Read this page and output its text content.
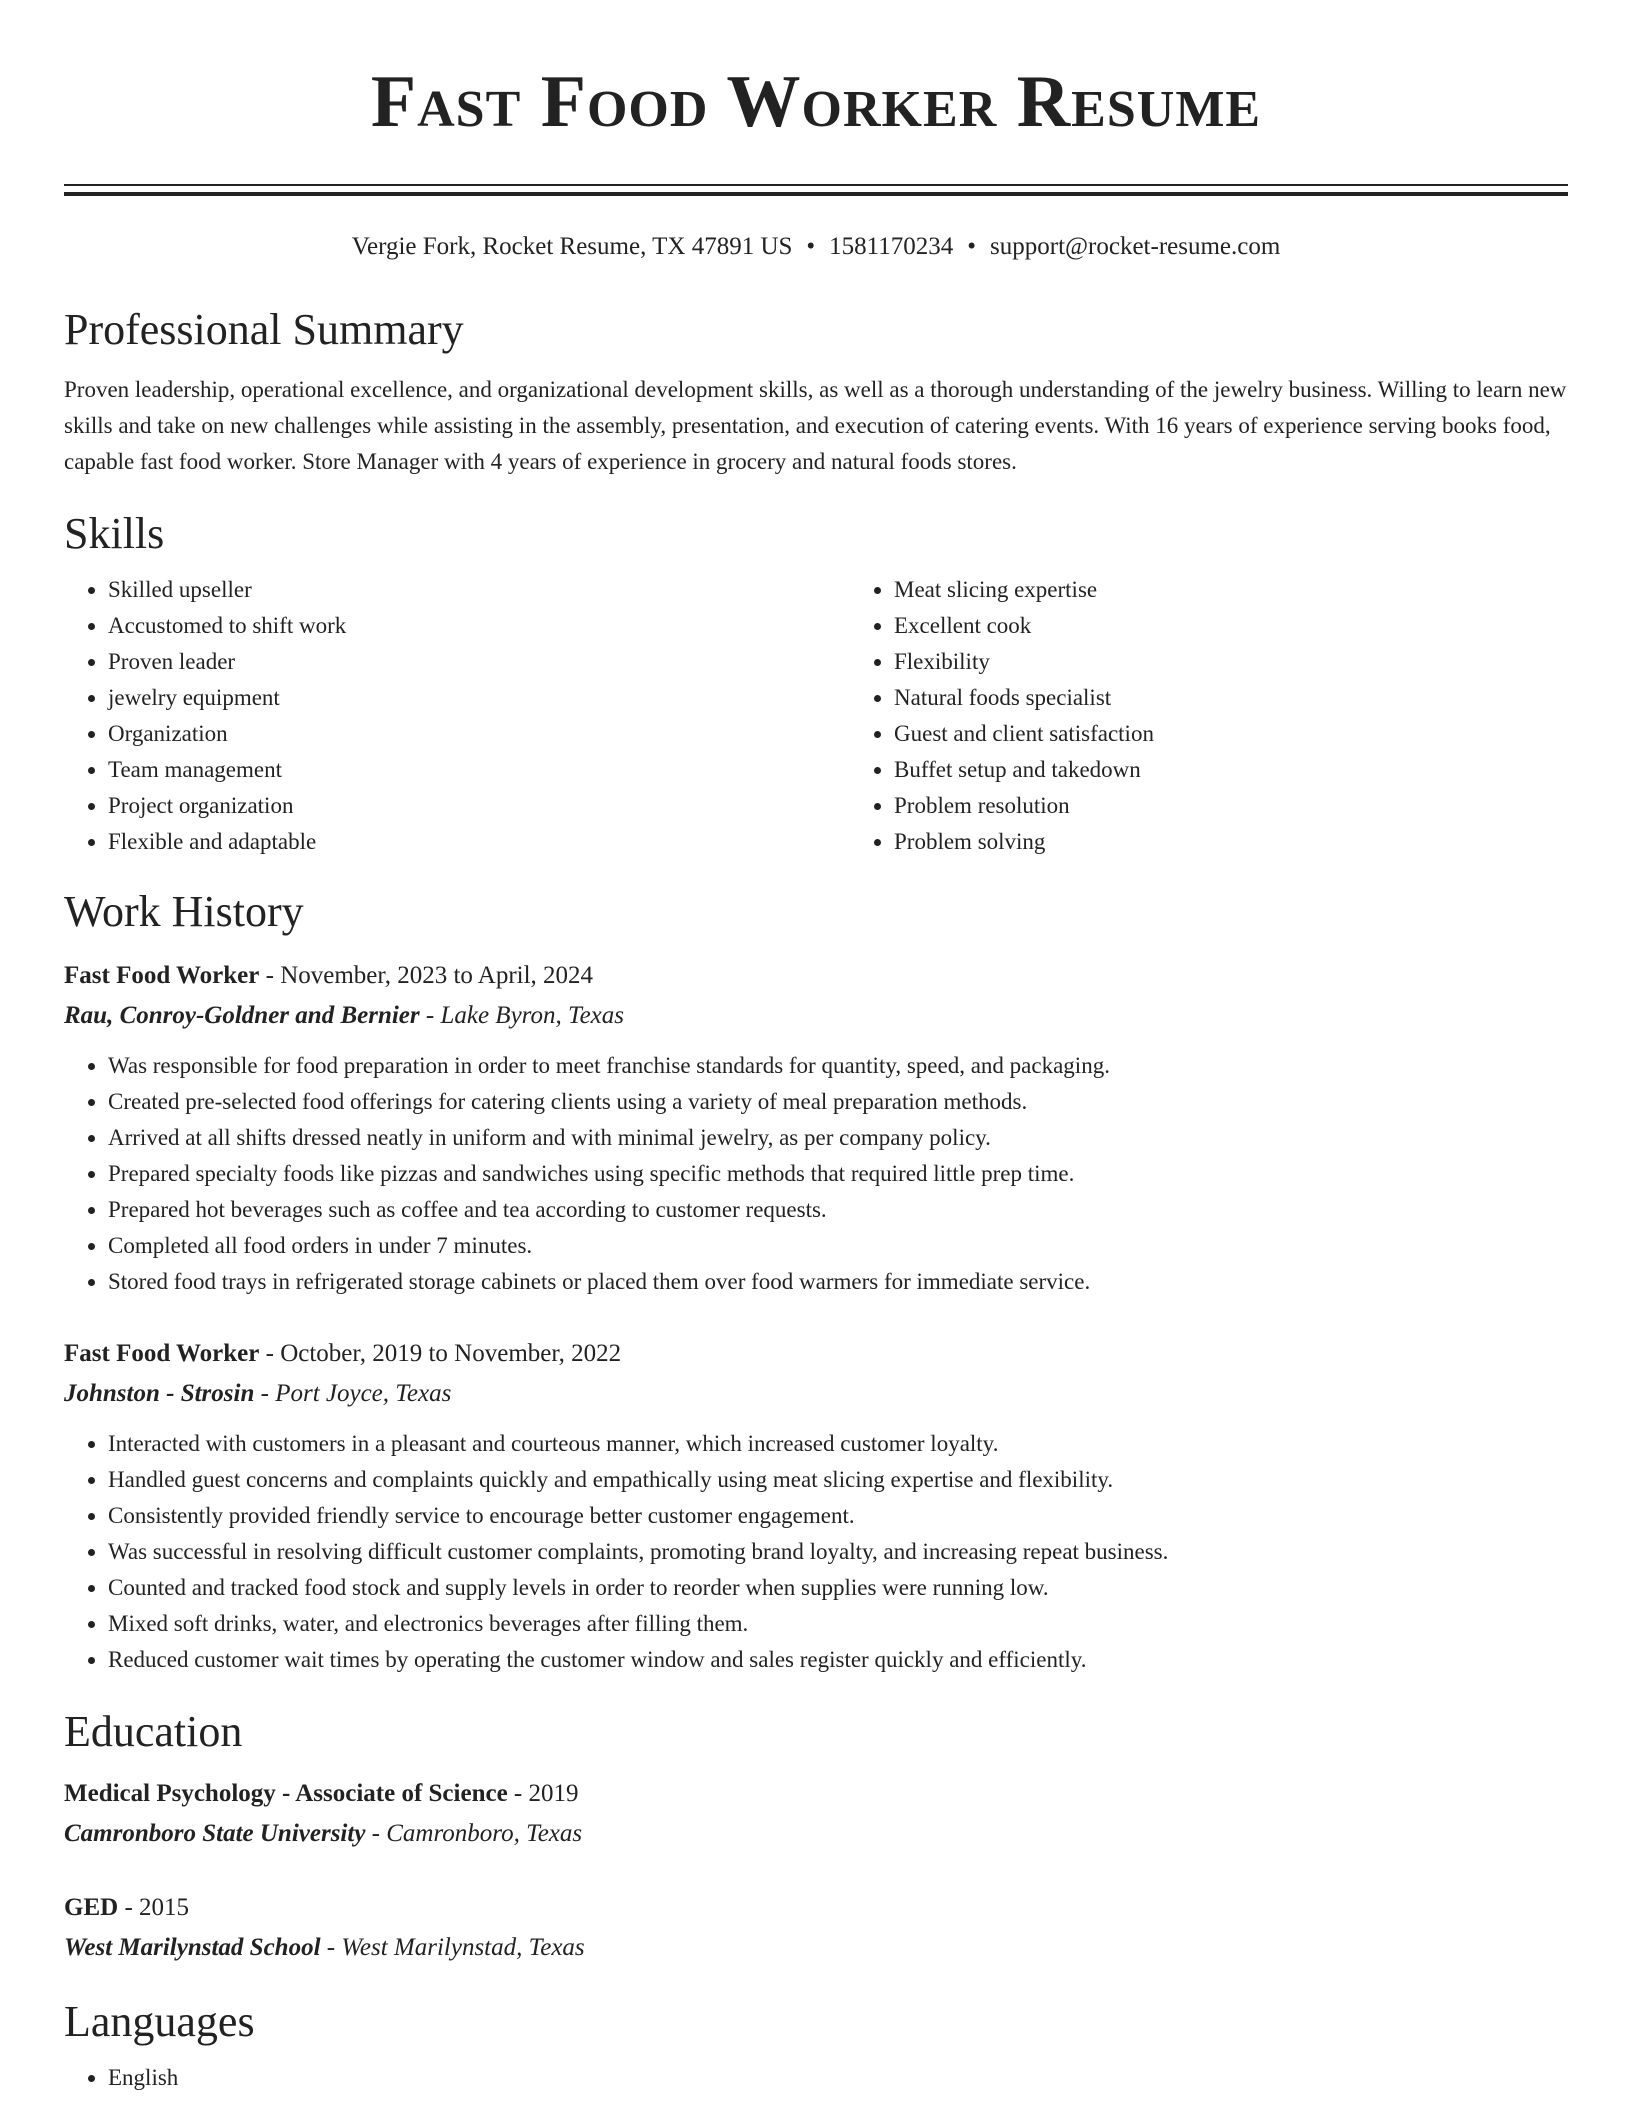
Fast Food Worker Resume
Vergie Fork, Rocket Resume, TX 47891 US • 1581170234 • support@rocket-resume.com
Professional Summary

Proven leadership, operational excellence, and organizational development skills, as well as a thorough understanding of the jewelry business. Willing to learn new skills and take on new challenges while assisting in the assembly, presentation, and execution of catering events. With 16 years of experience serving books food, capable fast food worker. Store Manager with 4 years of experience in grocery and natural foods stores.

Skills
• Skilled upseller
• Accustomed to shift work
• Proven leader
• jewelry equipment
• Organization
• Team management
• Project organization
• Flexible and adaptable
• Meat slicing expertise
• Excellent cook
• Flexibility
• Natural foods specialist
• Guest and client satisfaction
• Buffet setup and takedown
• Problem resolution
• Problem solving
Work History
Fast Food Worker - November, 2023 to April, 2024
Rau, Conroy-Goldner and Bernier - Lake Byron, Texas
• Was responsible for food preparation in order to meet franchise standards for quantity, speed, and packaging.
• Created pre-selected food offerings for catering clients using a variety of meal preparation methods.
• Arrived at all shifts dressed neatly in uniform and with minimal jewelry, as per company policy.
• Prepared specialty foods like pizzas and sandwiches using specific methods that required little prep time.
• Prepared hot beverages such as coffee and tea according to customer requests.
• Completed all food orders in under 7 minutes.
• Stored food trays in refrigerated storage cabinets or placed them over food warmers for immediate service.
Fast Food Worker - October, 2019 to November, 2022
Johnston - Strosin - Port Joyce, Texas
• Interacted with customers in a pleasant and courteous manner, which increased customer loyalty.
• Handled guest concerns and complaints quickly and empathically using meat slicing expertise and flexibility.
• Consistently provided friendly service to encourage better customer engagement.
• Was successful in resolving difficult customer complaints, promoting brand loyalty, and increasing repeat business.
• Counted and tracked food stock and supply levels in order to reorder when supplies were running low.
• Mixed soft drinks, water, and electronics beverages after filling them.
• Reduced customer wait times by operating the customer window and sales register quickly and efficiently.
Education
Medical Psychology - Associate of Science - 2019
Camronboro State University - Camronboro, Texas
GED - 2015
West Marilynstad School - West Marilynstad, Texas
Languages
• English
